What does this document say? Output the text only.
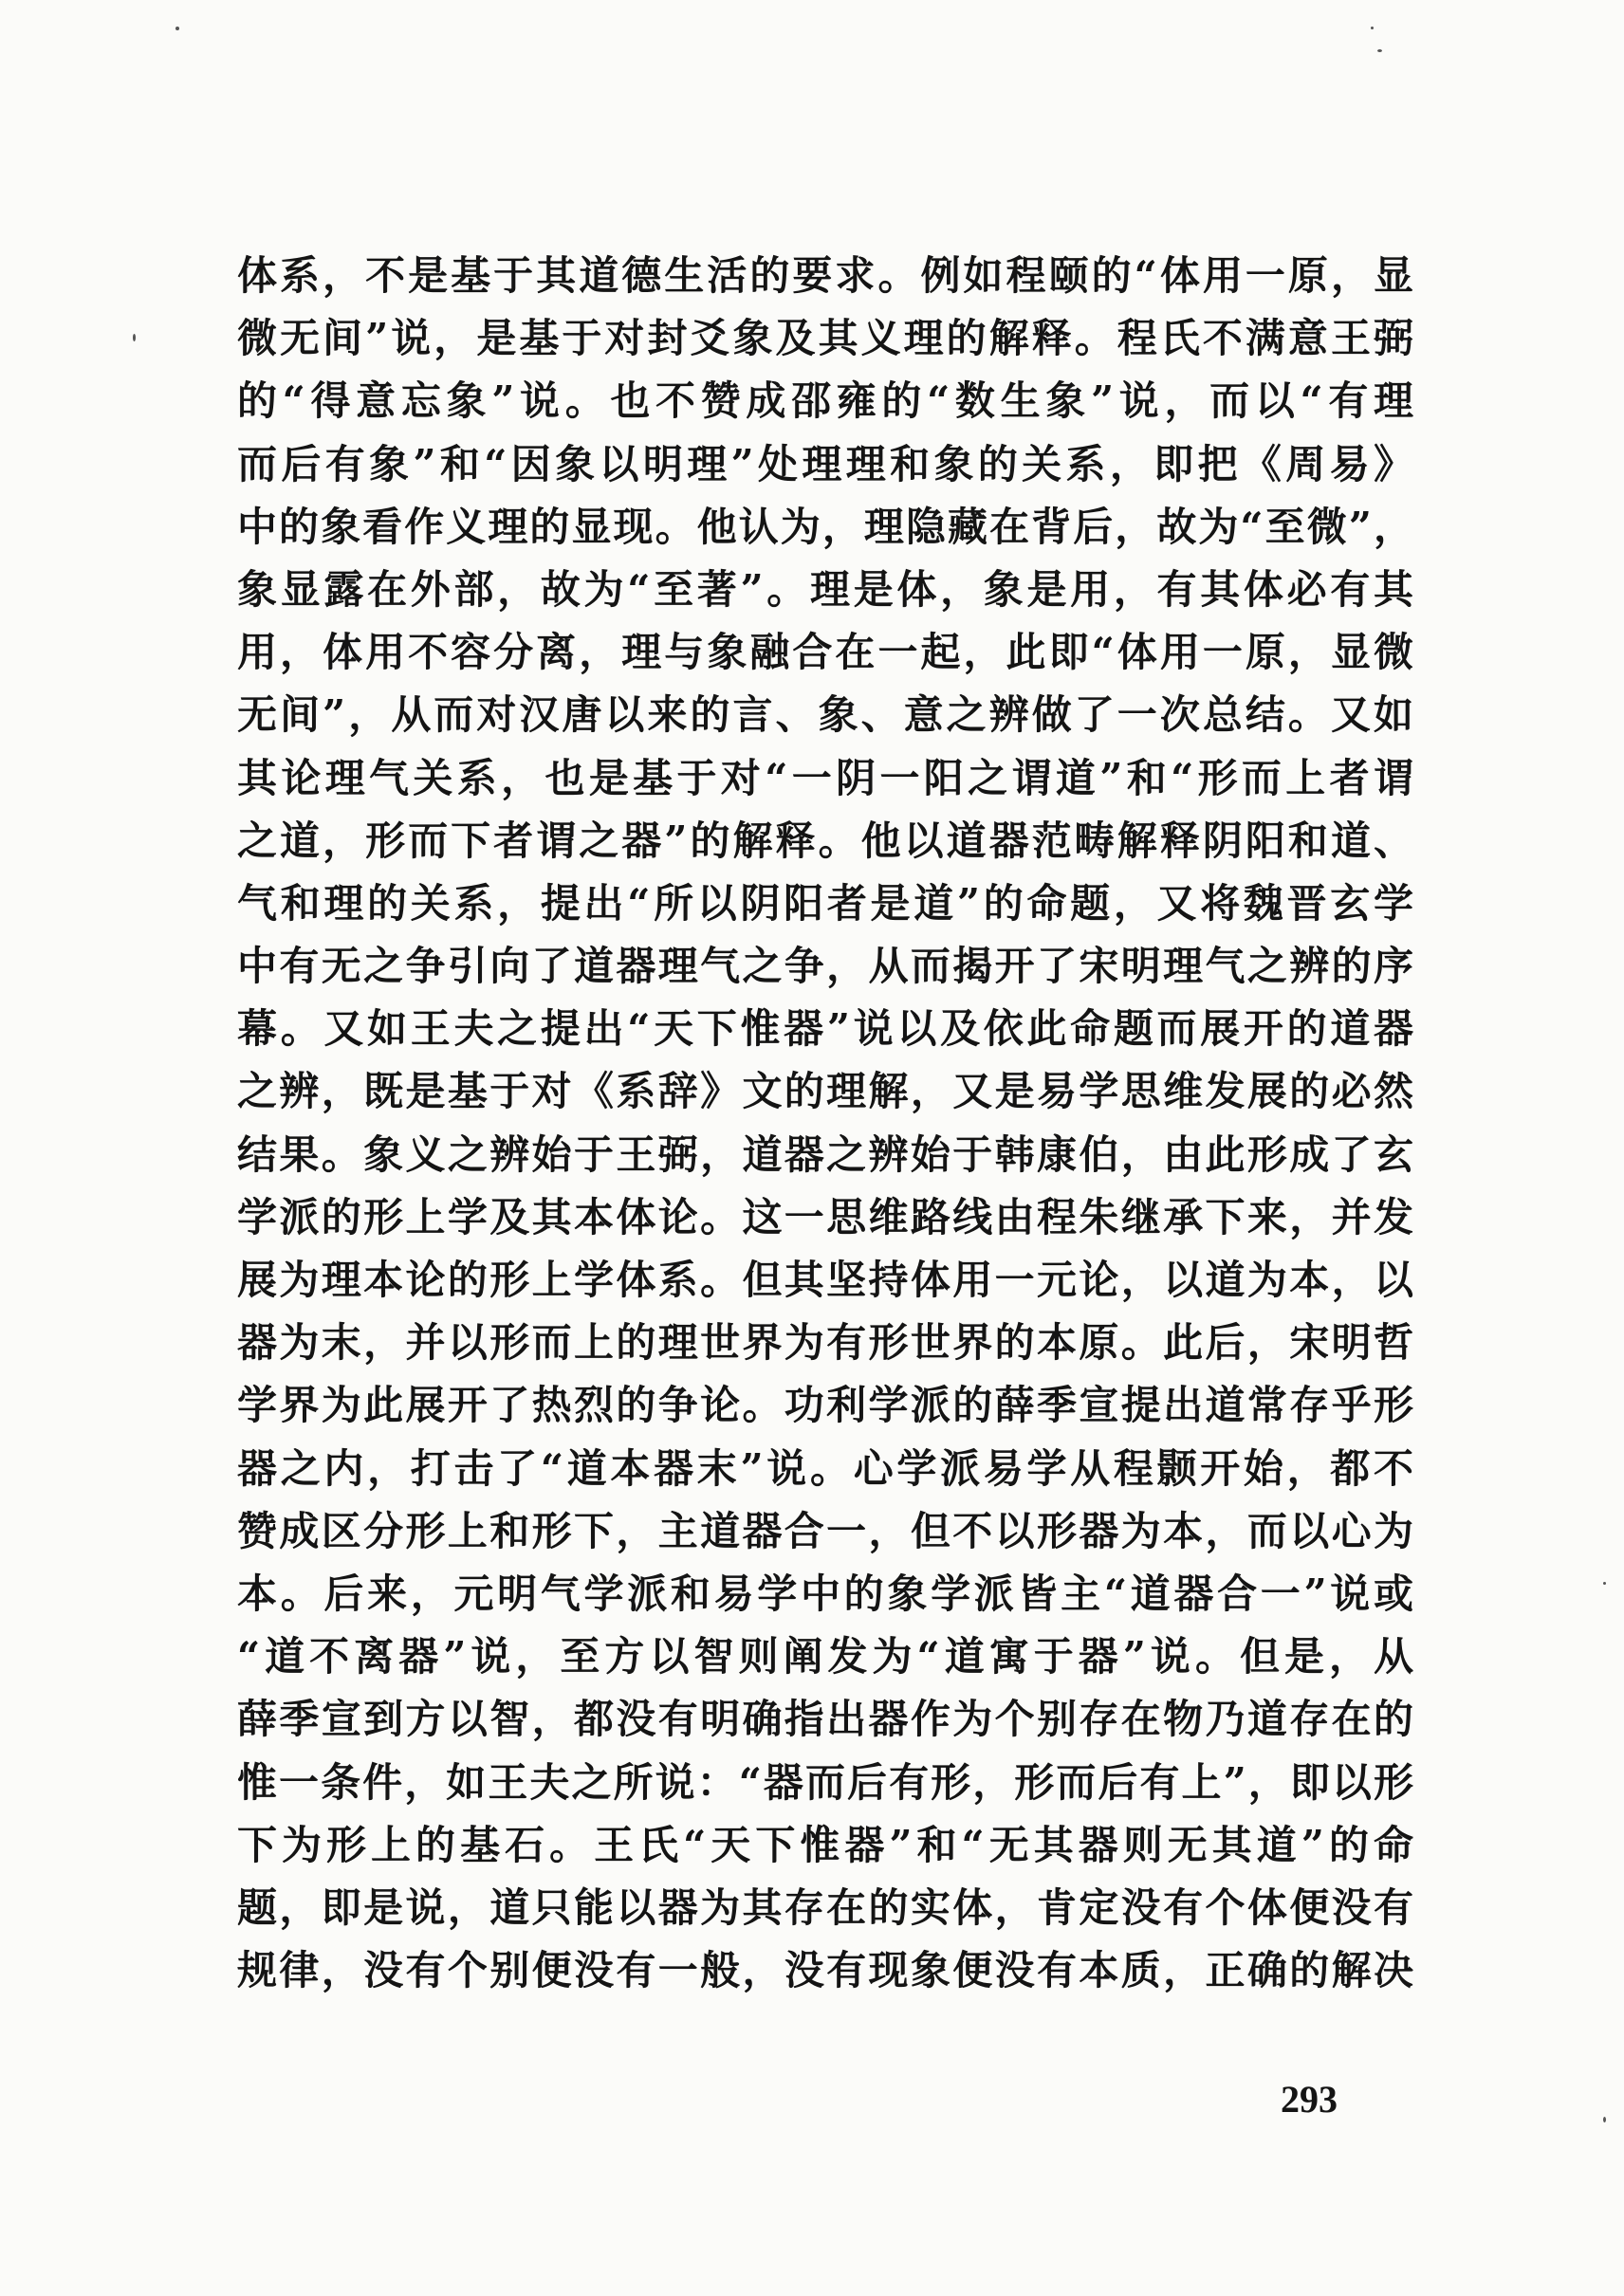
体系，不是基于其道德生活的要求。例如程颐的“体用一原，显
微无间”说，是基于对封爻象及其义理的解释。程氏不满意王弼
的“得意忘象”说。也不赞成邵雍的“数生象”说，而以“有理
而后有象”和“因象以明理”处理理和象的关系，即把《周易》
中的象看作义理的显现。他认为，理隐藏在背后，故为“至微”，
象显露在外部，故为“至著”。理是体，象是用，有其体必有其
用，体用不容分离，理与象融合在一起，此即“体用一原，显微
无间”，从而对汉唐以来的言、象、意之辨做了一次总结。又如
其论理气关系，也是基于对“一阴一阳之谓道”和“形而上者谓
之道，形而下者谓之器”的解释。他以道器范畴解释阴阳和道、
气和理的关系，提出“所以阴阳者是道”的命题，又将魏晋玄学
中有无之争引向了道器理气之争，从而揭开了宋明理气之辨的序
幕。又如王夫之提出“天下惟器”说以及依此命题而展开的道器
之辨，既是基于对《系辞》文的理解，又是易学思维发展的必然
结果。象义之辨始于王弼，道器之辨始于韩康伯，由此形成了玄
学派的形上学及其本体论。这一思维路线由程朱继承下来，并发
展为理本论的形上学体系。但其坚持体用一元论，以道为本，以
器为末，并以形而上的理世界为有形世界的本原。此后，宋明哲
学界为此展开了热烈的争论。功利学派的薛季宣提出道常存乎形
器之内，打击了“道本器末”说。心学派易学从程颢开始，都不
赞成区分形上和形下，主道器合一，但不以形器为本，而以心为
本。后来，元明气学派和易学中的象学派皆主“道器合一”说或
“道不离器”说，至方以智则阐发为“道寓于器”说。但是，从
薛季宣到方以智，都没有明确指出器作为个别存在物乃道存在的
惟一条件，如王夫之所说：“器而后有形，形而后有上”，即以形
下为形上的基石。王氏“天下惟器”和“无其器则无其道”的命
题，即是说，道只能以器为其存在的实体，肯定没有个体便没有
规律，没有个别便没有一般，没有现象便没有本质，正确的解决
293
